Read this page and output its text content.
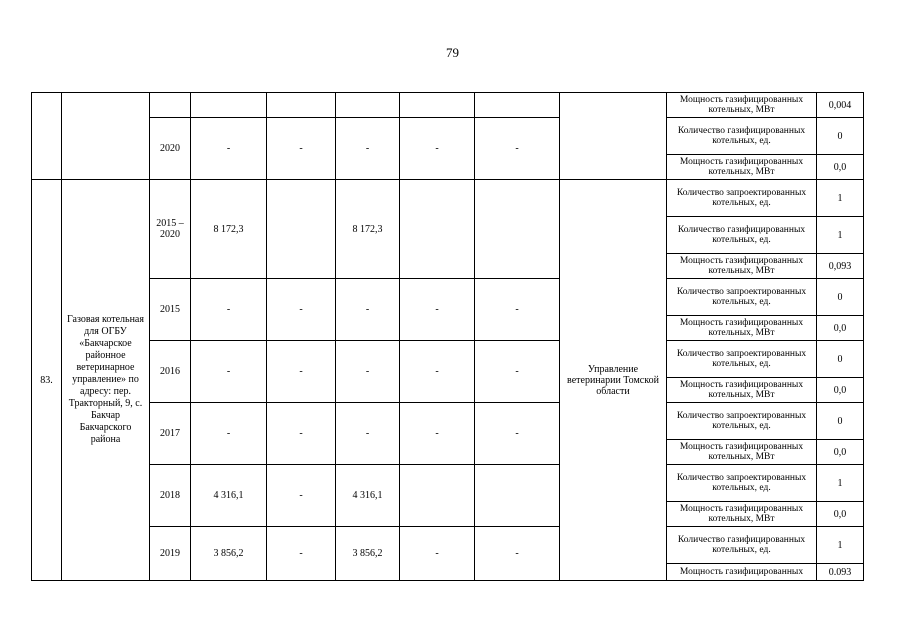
79
									Мощность газифицированных котельных, МВт	0,004
		2020	-	-	-	-	-		Количество газифицированных котельных, ед.	0
									Мощность газифицированных котельных, МВт	0,0
83.	Газовая котельная для ОГБУ «Бакчарское районное ветеринарное управление» по адресу: пер. Тракторный, 9, с. Бакчар Бакчарского района	2015 – 2020	8 172,3		8 172,3			Управление ветеринарии Томской области	Количество запроектированных котельных, ед.	1
									Количество газифицированных котельных, ед.	1
									Мощность газифицированных котельных, МВт	0,093
		2015	-	-	-	-	-		Количество запроектированных котельных, ед.	0
									Мощность газифицированных котельных, МВт	0,0
		2016	-	-	-	-	-		Количество запроектированных котельных, ед.	0
									Мощность газифицированных котельных, МВт	0,0
		2017	-	-	-	-	-		Количество запроектированных котельных, ед.	0
									Мощность газифицированных котельных, МВт	0,0
		2018	4 316,1	-	4 316,1				Количество запроектированных котельных, ед.	1
									Мощность газифицированных котельных, МВт	0,0
		2019	3 856,2	-	3 856,2	-	-		Количество газифицированных котельных, ед.	1
									Мощность газифицированных	0.093
